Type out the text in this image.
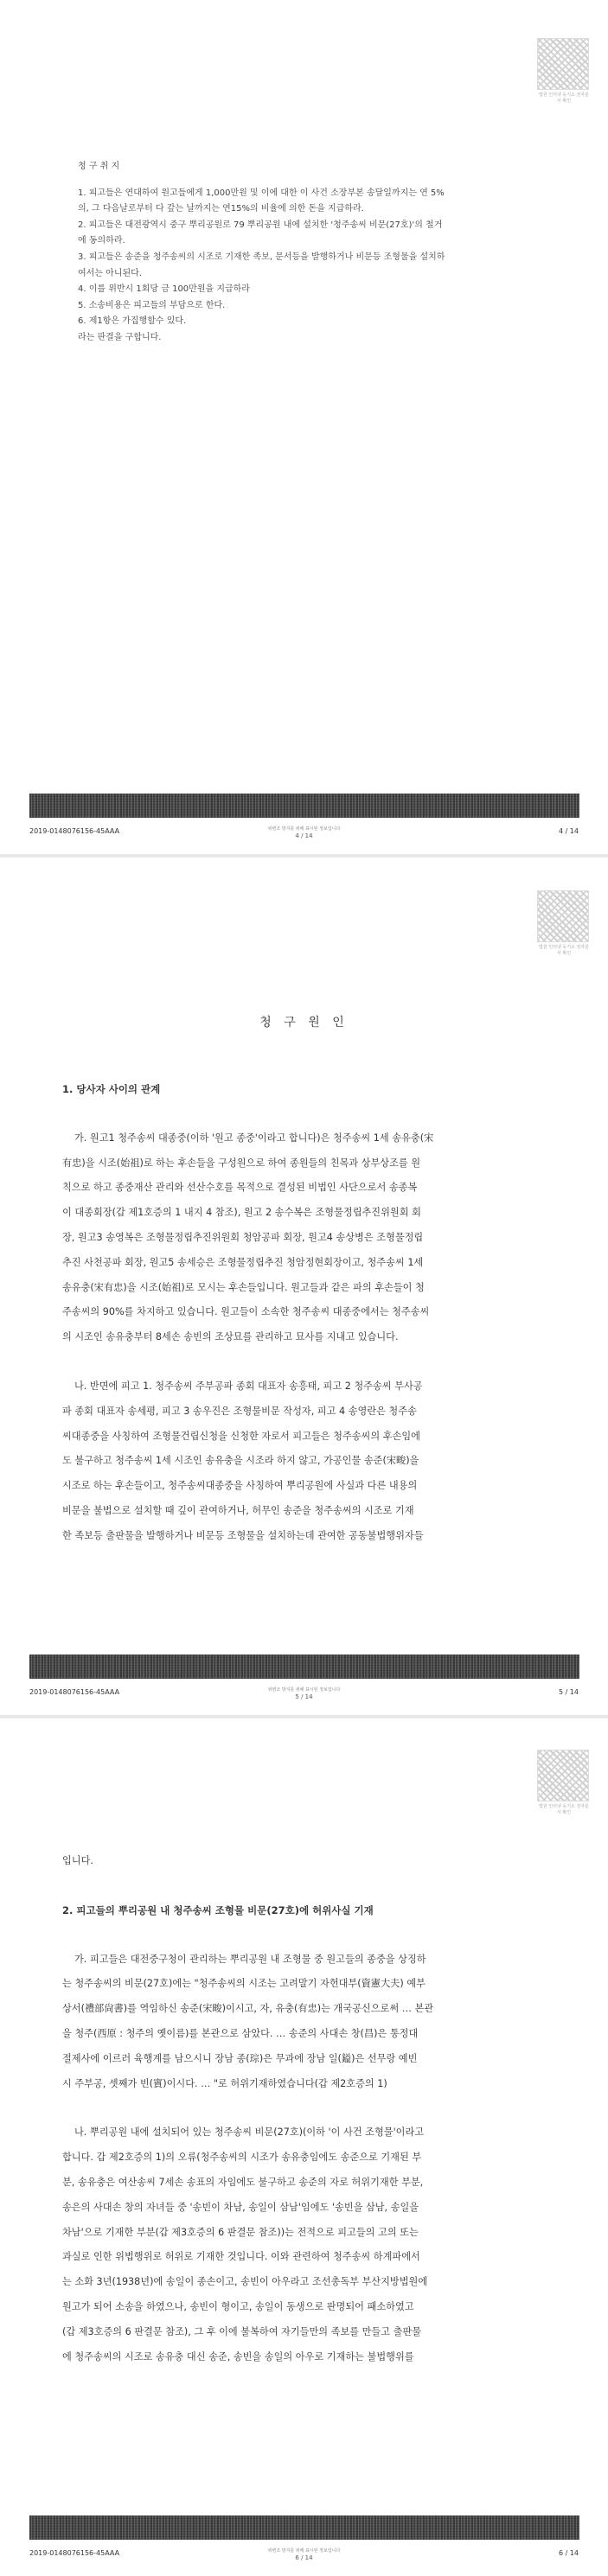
법원 인터넷 등기소 전자문서 확인
청 구 취 지
1. 피고들은 연대하여 원고들에게 1,000만원 및 이에 대한 이 사건 소장부본 송달일까지는 연 5%
의, 그 다음날로부터 다 갚는 날까지는 연15%의 비율에 의한 돈을 지급하라.
2. 피고들은 대전광역시 중구 뿌리공원로 79 뿌리공원 내에 설치한 '청주송씨 비문(27호)'의 철거
에 동의하라.
3. 피고들은 송준을 청주송씨의 시조로 기재한 족보, 문서등을 발행하거나 비문등 조형물을 설치하
여서는 아니된다.
4. 이를 위반시 1회당 금 100만원을 지급하라
5. 소송비용은 피고들의 부담으로 한다.
6. 제1항은 가집행할수 있다.
라는 판결을 구합니다.
2019-0148076156-45AAA	위변조 방지를 위해 표시된 정보입니다
4 / 14
4 / 14
법원 인터넷 등기소 전자문서 확인
청 구 원 인
1. 당사자 사이의 관계
가. 원고1 청주송씨 대종중(이하 '원고 종중'이라고 합니다)은 청주송씨 1세 송유충(宋
有忠)을 시조(始祖)로 하는 후손들을 구성원으로 하여 종원들의 친목과 상부상조를 원
칙으로 하고 종중재산 관리와 선산수호를 목적으로 결성된 비법인 사단으로서 송종복
이 대종회장(갑 제1호증의 1 내지 4 참조), 원고 2 송수복은 조형물정립추진위원회 회
장, 원고3 송영복은 조형물정립추진위원회 청암공파 회장, 원고4 송상병은 조형물정립
추진 사천공파 회장, 원고5 송세승은 조형물정립추진 청암정현회장이고, 청주송씨 1세
송유충(宋有忠)을 시조(始祖)로 모시는 후손들입니다. 원고들과 같은 파의 후손들이 청
주송씨의 90%를 차지하고 있습니다. 원고들이 소속한 청주송씨 대종중에서는 청주송씨
의 시조인 송유충부터 8세손 송빈의 조상묘를 관리하고 묘사를 지내고 있습니다.
나. 반면에 피고 1. 청주송씨 주부공파 종회 대표자 송흥태, 피고 2 청주송씨 부사공
파 종회 대표자 송세평, 피고 3 송우진은 조형물비문 작성자, 피고 4 송영란은 청주송
씨대종중을 사칭하여 조형물건립신청을 신청한 자로서 피고들은 청주송씨의 후손임에
도 불구하고 청주송씨 1세 시조인 송유충을 시조라 하지 않고, 가공인물 송준(宋畯)을
시조로 하는 후손들이고, 청주송씨대종중을 사칭하여 뿌리공원에 사실과 다른 내용의
비문을 불법으로 설치할 때 깊이 관여하거나, 허무인 송준을 청주송씨의 시조로 기재
한 족보등 출판물을 발행하거나 비문등 조형물을 설치하는데 관여한 공동불법행위자들
2019-0148076156-45AAA	위변조 방지를 위해 표시된 정보입니다
5 / 14
5 / 14
법원 인터넷 등기소 전자문서 확인
입니다.
2. 피고들의 뿌리공원 내 청주송씨 조형물 비문(27호)에 허위사실 기재
가. 피고들은 대전중구청이 관리하는 뿌리공원 내 조형물 중 원고들의 종중을 상징하
는 청주송씨의 비문(27호)에는 "청주송씨의 시조는 고려말기 자헌대부(資憲大夫) 예부
상서(禮部尙書)를 역임하신 송준(宋畯)이시고, 자, 유충(有忠)는 개국공신으로써 … 본관
을 청주(西原 : 청주의 옛이름)를 본관으로 삼았다. … 송준의 사대손 창(昌)은 통정대
절제사에 이르러 육행계를 남으시니 장남 종(琮)은 무과에 장남 일(鎰)은 선무랑 예빈
시 주부공, 셋째가 빈(賓)이시다. … "로 허위기재하였습니다(갑 제2호증의 1)
나. 뿌리공원 내에 설치되어 있는 청주송씨 비문(27호)(이하 '이 사건 조형물'이라고
합니다. 갑 제2호증의 1)의 오류(청주송씨의 시조가 송유충임에도 송준으로 기재된 부
분, 송유충은 여산송씨 7세손 송표의 자임에도 불구하고 송준의 자로 허위기재한 부분,
송은의 사대손 창의 자녀들 중 '송빈이 차남, 송일이 삼남'임에도 '송빈을 삼남, 송일을
차남'으로 기재한 부분(갑 제3호증의 6 판결문 참조))는 전적으로 피고들의 고의 또는
과실로 인한 위법행위로 허위로 기재한 것입니다. 이와 관련하여 청주송씨 하계파에서
는 소화 3년(1938년)에 송일이 종손이고, 송빈이 아우라고 조선총독부 부산지방법원에
원고가 되어 소송을 하였으나, 송빈이 형이고, 송일이 동생으로 판명되어 패소하였고
(갑 제3호증의 6 판결문 참조), 그 후 이에 불복하여 자기들만의 족보를 만들고 출판물
에 청주송씨의 시조로 송유충 대신 송준, 송빈을 송일의 아우로 기재하는 불법행위를
2019-0148076156-45AAA	위변조 방지를 위해 표시된 정보입니다
6 / 14
6 / 14
